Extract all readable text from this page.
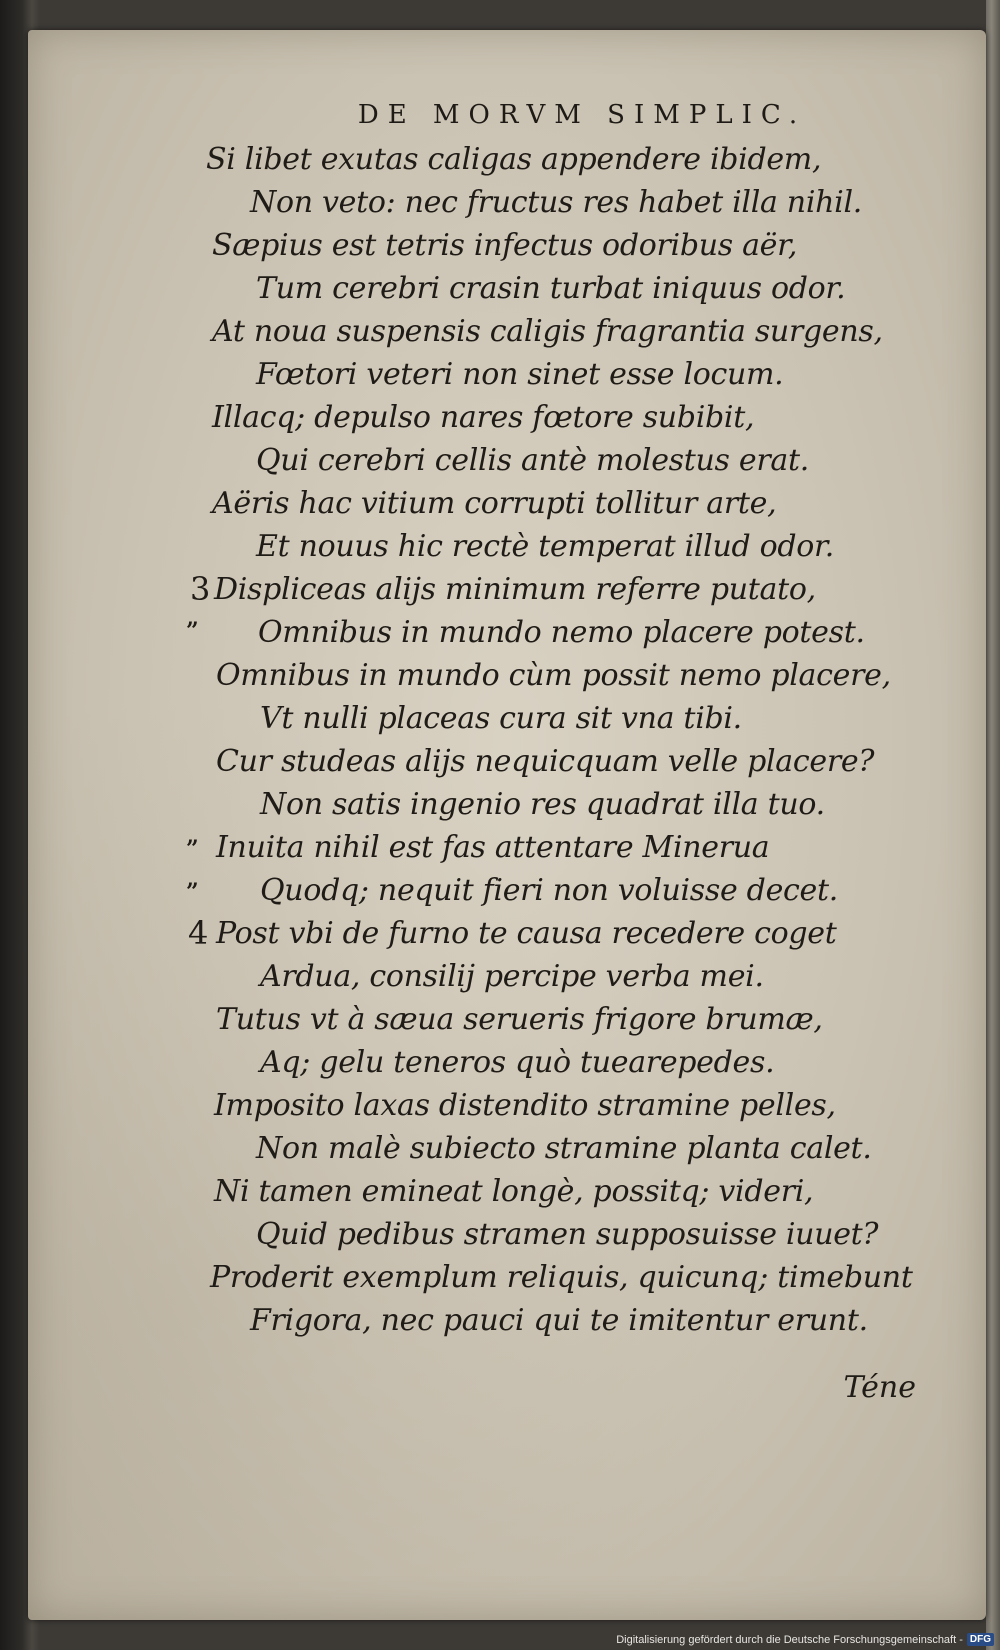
DE MORVM SIMPLIC.
Si libet exutas caligas appendere ibidem,
Non veto: nec fructus res habet illa nihil.
Sæpius est tetris infectus odoribus aër,
Tum cerebri crasin turbat iniquus odor.
At noua suspensis caligis fragrantia surgens,
Fœtori veteri non sinet esse locum.
Illacq; depulso nares fœtore subibit,
Qui cerebri cellis antè molestus erat.
Aëris hac vitium corrupti tollitur arte,
Et nouus hic rectè temperat illud odor.
Displiceas alijs minimum referre putato,
Omnibus in mundo nemo placere potest.
Omnibus in mundo cùm possit nemo placere,
Vt nulli placeas cura sit vna tibi.
Cur studeas alijs nequicquam velle placere?
Non satis ingenio res quadrat illa tuo.
Inuita nihil est fas attentare Minerua
Quodq; nequit fieri non voluisse decet.
Post vbi de furno te causa recedere coget
Ardua, consilij percipe verba mei.
Tutus vt à sæua serueris frigore brumæ,
Aq; gelu teneros quò tuearepedes.
Imposito laxas distendito stramine pelles,
Non malè subiecto stramine planta calet.
Ni tamen emineat longè, possitq; videri,
Quid pedibus stramen supposuisse iuuet?
Proderit exemplum reliquis, quicunq; timebunt
Frigora, nec pauci qui te imitentur erunt.
3
”
”
”
4
Téne
Digitalisierung gefördert durch die Deutsche Forschungsgemeinschaft - DFG
